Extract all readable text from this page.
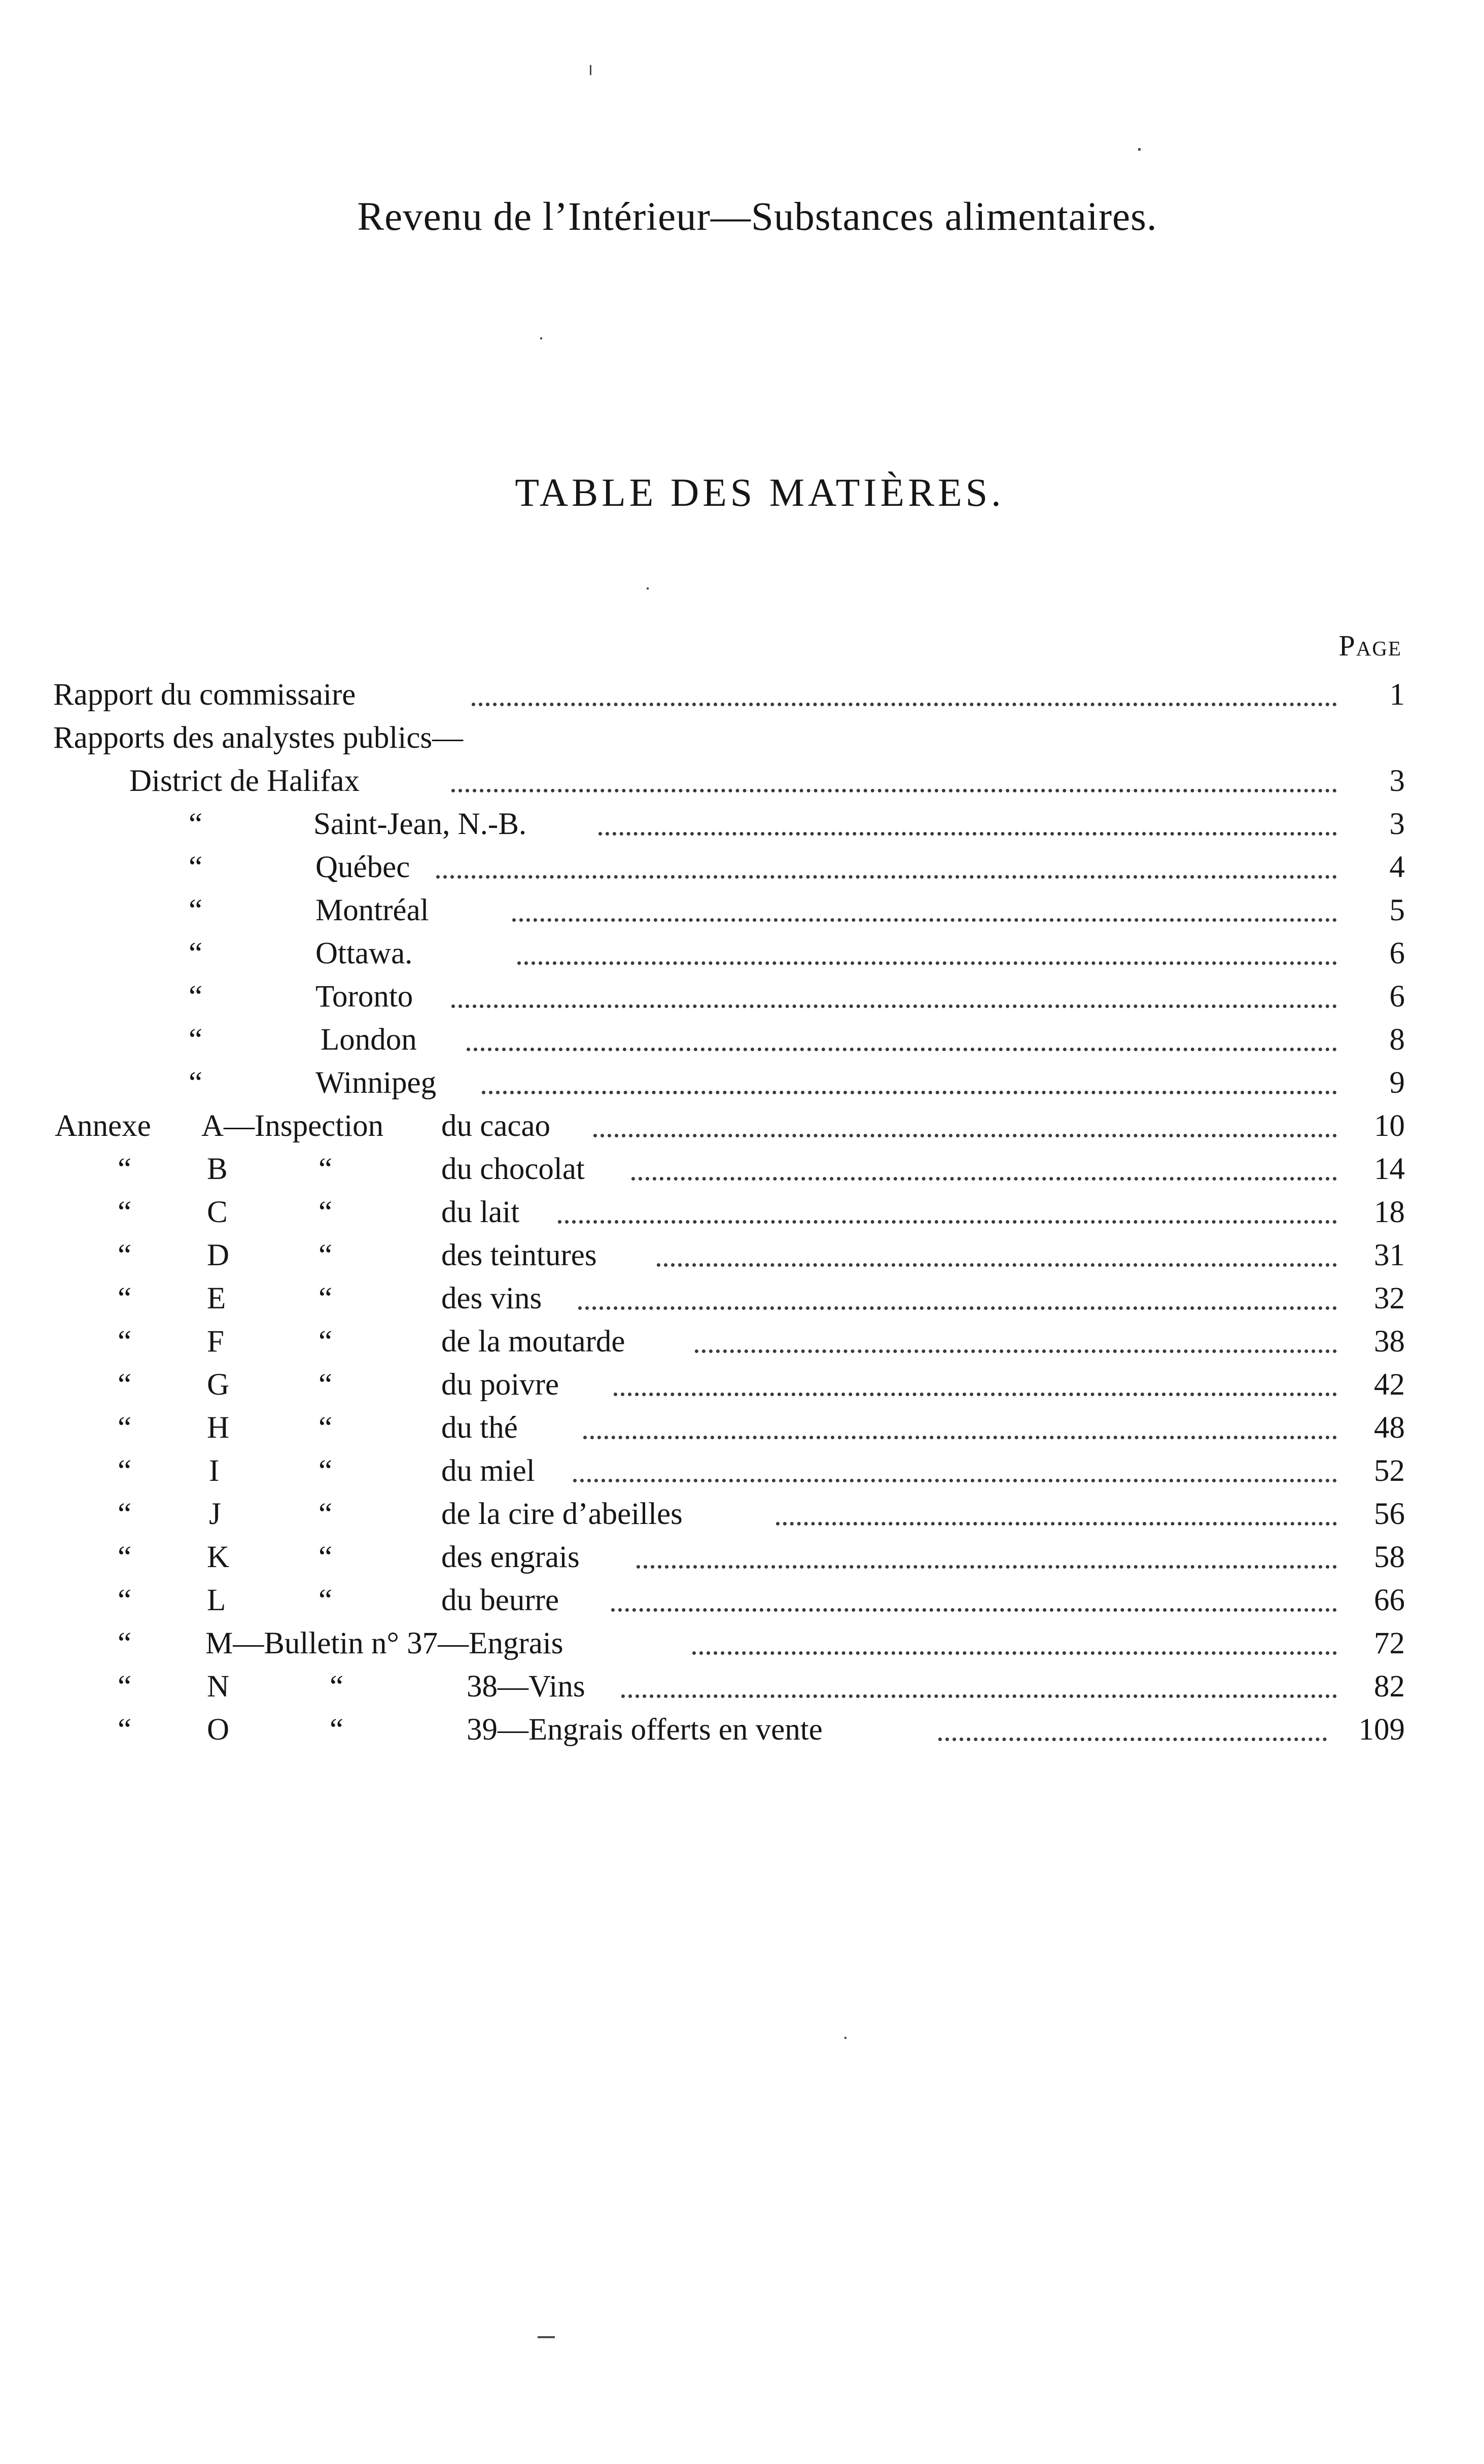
Revenu de l’Intérieur—Substances alimentaires.
TABLE DES MATIÈRES.
Page
Rapport du commissaire	1
Rapports des analystes publics—
District de Halifax	3
“	Saint-Jean, N.-B.	3
“	Québec	4
“	Montréal	5
“	Ottawa.	6
“	Toronto	6
“	London	8
“	Winnipeg	9
Annexe A—Inspection du cacao	10
“ B	“	du chocolat	14
“ C	“	du lait	18
“ D	“	des teintures	31
“ E	“	des vins	32
“ F	“	de la moutarde	38
“ G	“	du poivre	42
“ H	“	du thé	48
“	I	“	du miel	52
“	J	“	de la cire d’abeilles	56
“ K	“	des engrais	58
“ L	“	du beurre	66
“ M—Bulletin n° 37—Engrais	72
“ N	“	38—Vins	82
“ O	“	39—Engrais offerts en vente	109
